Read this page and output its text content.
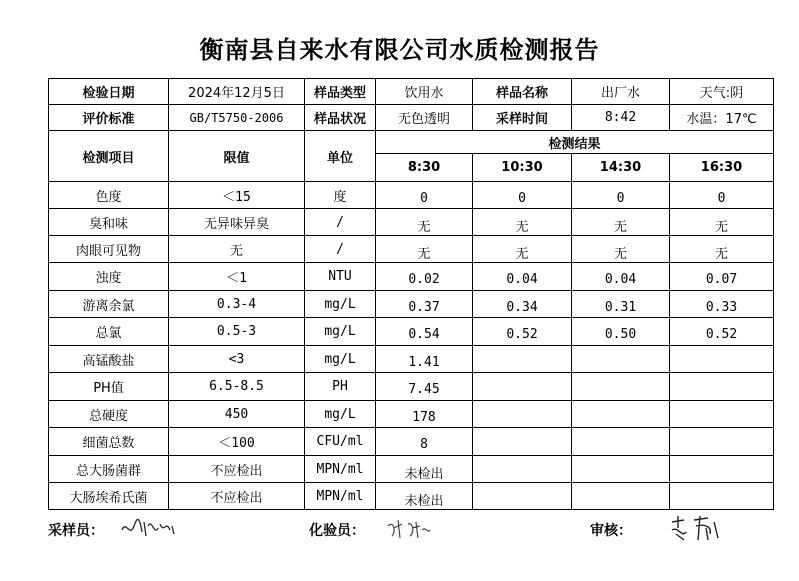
衡南县自来水有限公司水质检测报告
检验日期	2024年12月5日	样品类型	饮用水	样品名称	出厂水	天气:阴
评价标准	GB/T5750-2006	样品状况	无色透明	采样时间	8:42	水温：17℃
检测项目	限值	单位	检测结果			
			8:30	10:30	14:30	16:30
色度	＜15	度	0	0	0	0
臭和味	无异味异臭	/	无	无	无	无
肉眼可见物	无	/	无	无	无	无
浊度	＜1	NTU	0.02	0.04	0.04	0.07
游离余氯	0.3-4	mg/L	0.37	0.34	0.31	0.33
总氯	0.5-3	mg/L	0.54	0.52	0.50	0.52
高锰酸盐	<3	mg/L	1.41			
PH值	6.5-8.5	PH	7.45			
总硬度	450	mg/L	178			
细菌总数	＜100	CFU/ml	8			
总大肠菌群	不应检出	MPN/ml	未检出			
大肠埃希氏菌	不应检出	MPN/ml	未检出			
采样员：	化验员：	审核：
